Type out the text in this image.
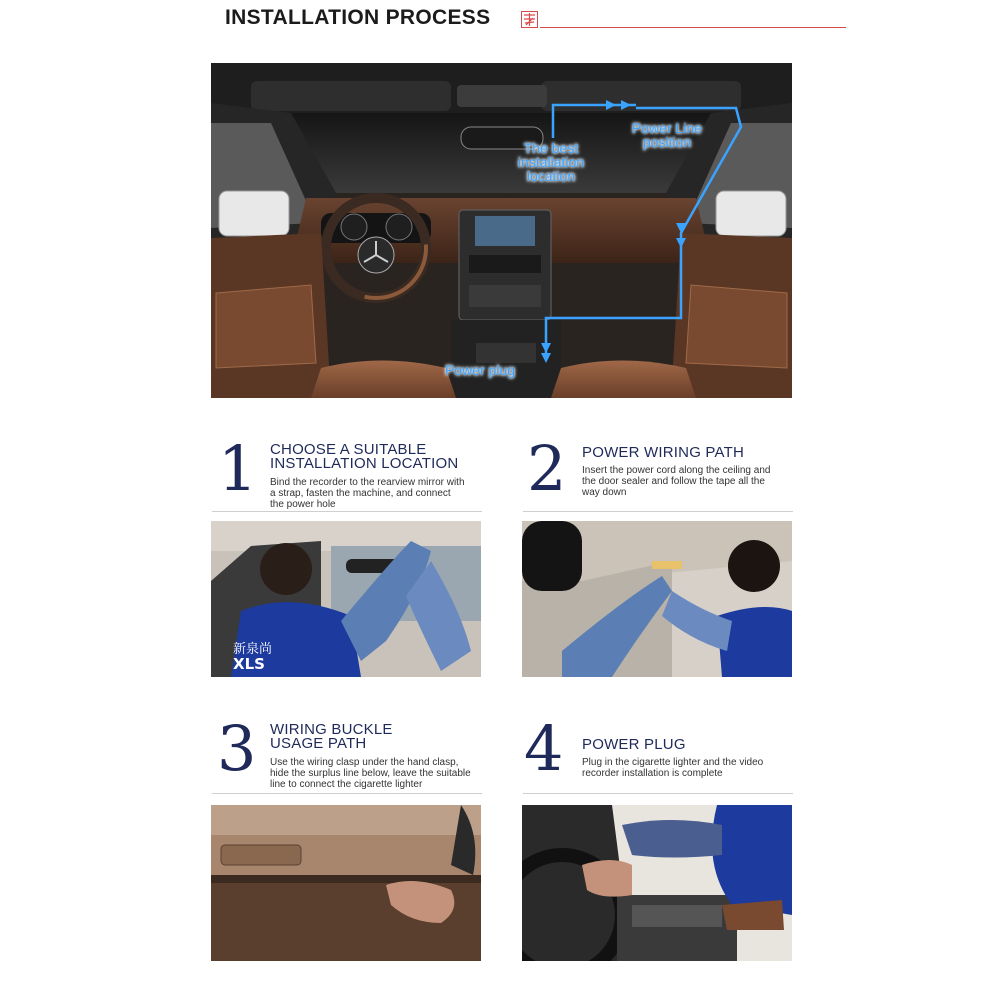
INSTALLATION PROCESS
The best
installation
location
Power Line
position
Power plug
1 CHOOSE A SUITABLE
INSTALLATION LOCATION
Bind the recorder to the rearview mirror with
a strap, fasten the machine, and connect
the power hole
新泉尚
XLS
2 POWER WIRING PATH
Insert the power cord along the ceiling and
the door sealer and follow the tape all the
way down
3 WIRING BUCKLE
USAGE PATH
Use the wiring clasp under the hand clasp,
hide the surplus line below, leave the suitable
line to connect the cigarette lighter	4 POWER PLUG
Plug in the cigarette lighter and the video
recorder installation is complete
